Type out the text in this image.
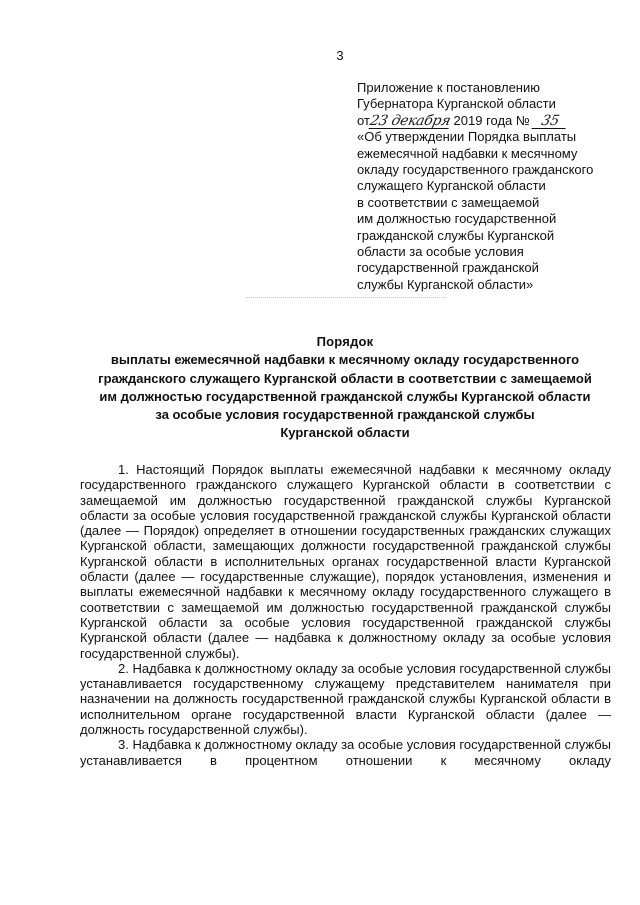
3
Приложение к постановлению
Губернатора Курганской области
от23 декабря 2019 года № 35
«Об утверждении Порядка выплаты
ежемесячной надбавки к месячному
окладу государственного гражданского
служащего Курганской области
в соответствии с замещаемой
им должностью государственной
гражданской службы Курганской
области за особые условия
государственной гражданской
службы Курганской области»
Порядок
выплаты ежемесячной надбавки к месячному окладу государственного
гражданского служащего Курганской области в соответствии с замещаемой
им должностью государственной гражданской службы Курганской области
за особые условия государственной гражданской службы
Курганской области

1. Настоящий Порядок выплаты ежемесячной надбавки к месячному окладу государственного гражданского служащего Курганской области в соответствии с замещаемой им должностью государственной гражданской службы Курганской области за особые условия государственной гражданской службы Курганской области (далее — Порядок) определяет в отношении государственных гражданских служащих Курганской области, замещающих должности государственной гражданской службы Курганской области в исполнительных органах государственной власти Курганской области (далее — государственные служащие), порядок установления, изменения и выплаты ежемесячной надбавки к месячному окладу государственного служащего в соответствии с замещаемой им должностью государственной гражданской службы Курганской области за особые условия государственной гражданской службы Курганской области (далее — надбавка к должностному окладу за особые условия государственной службы).

2. Надбавка к должностному окладу за особые условия государственной службы устанавливается государственному служащему представителем нанимателя при назначении на должность государственной гражданской службы Курганской области в исполнительном органе государственной власти Курганской области (далее — должность государственной службы).

3. Надбавка к должностному окладу за особые условия государственной службы устанавливается в процентном отношении к месячному окладу
